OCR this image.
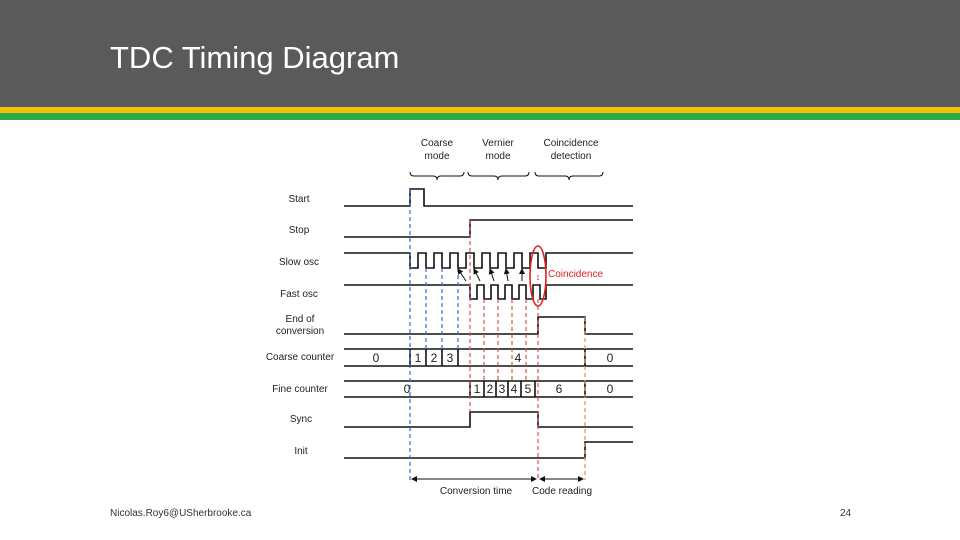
TDC Timing Diagram
Coarse
mode
Vernier
mode
Coincidence
detection
Start
Stop
Slow osc
Fast osc
End of
conversion
Coarse counter
Fine counter
Sync
Init
0	1 2 3	4	0
0	1 2 3 4 5 6	0
↕ Coincidence
Conversion time Code reading
Nicolas.Roy6@USherbrooke.ca	24
